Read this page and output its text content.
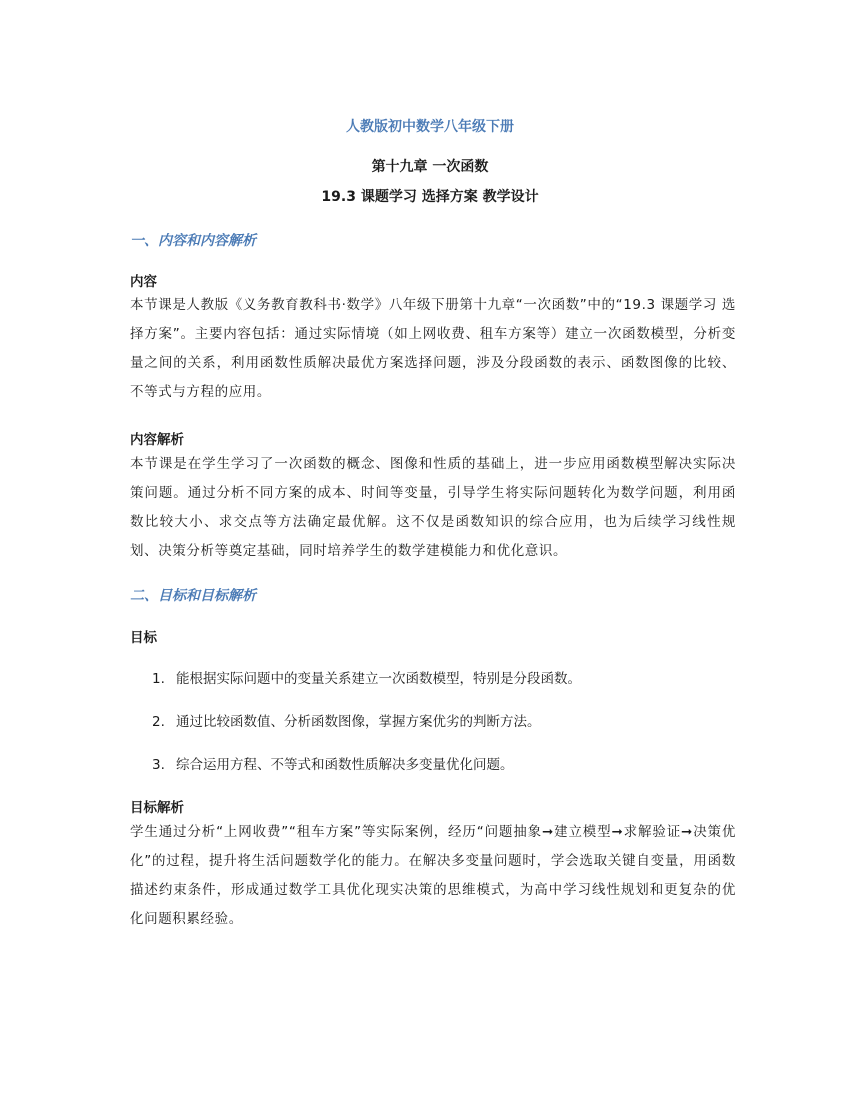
人教版初中数学八年级下册
第十九章 一次函数
19.3 课题学习 选择方案 教学设计
一、内容和内容解析
内容
本节课是人教版《义务教育教科书·数学》八年级下册第十九章“一次函数”中的“19.3 课题学习 选择方案”。主要内容包括：通过实际情境（如上网收费、租车方案等）建立一次函数模型，分析变量之间的关系，利用函数性质解决最优方案选择问题，涉及分段函数的表示、函数图像的比较、不等式与方程的应用。
内容解析
本节课是在学生学习了一次函数的概念、图像和性质的基础上，进一步应用函数模型解决实际决策问题。通过分析不同方案的成本、时间等变量，引导学生将实际问题转化为数学问题，利用函数比较大小、求交点等方法确定最优解。这不仅是函数知识的综合应用，也为后续学习线性规划、决策分析等奠定基础，同时培养学生的数学建模能力和优化意识。
二、目标和目标解析
目标
1. 能根据实际问题中的变量关系建立一次函数模型，特别是分段函数。
2. 通过比较函数值、分析函数图像，掌握方案优劣的判断方法。
3. 综合运用方程、不等式和函数性质解决多变量优化问题。
目标解析
学生通过分析“上网收费”“租车方案”等实际案例，经历“问题抽象➞建立模型➞求解验证➞决策优化”的过程，提升将生活问题数学化的能力。在解决多变量问题时，学会选取关键自变量，用函数描述约束条件，形成通过数学工具优化现实决策的思维模式，为高中学习线性规划和更复杂的优化问题积累经验。
